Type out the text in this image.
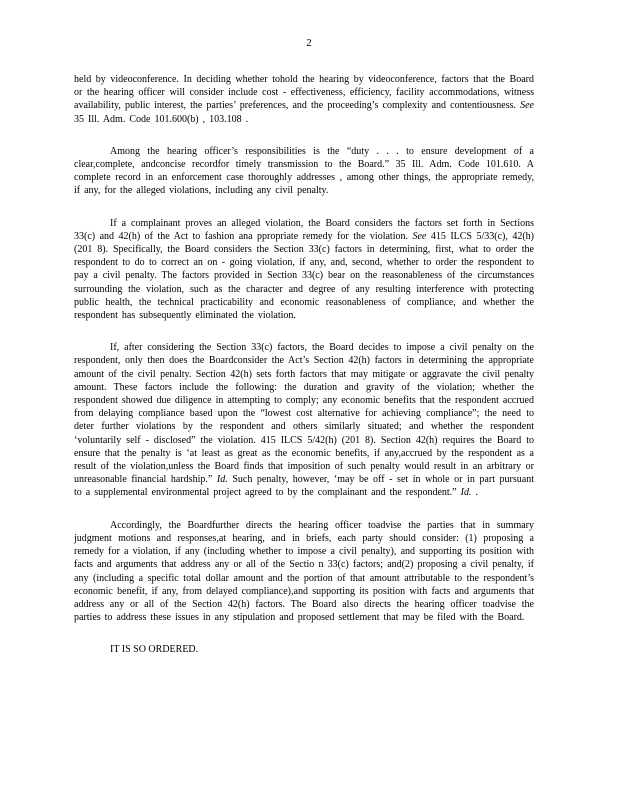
2

held by videoconference. In deciding whether tohold the hearing by videoconference, factors that the Board or the hearing officer will consider include cost - effectiveness, efficiency, facility accommodations, witness availability, public interest, the parties’ preferences, and the proceeding’s complexity and contentiousness. See 35 Ill. Adm. Code 101.600(b) , 103.108 .

Among the hearing officer’s responsibilities is the “duty . . . to ensure development of a clear,complete, andconcise recordfor timely transmission to the Board.” 35 Ill. Adm. Code 101.610. A complete record in an enforcement case thoroughly addresses , among other things, the appropriate remedy, if any, for the alleged violations, including any civil penalty.

If a complainant proves an alleged violation, the Board considers the factors set forth in Sections 33(c) and 42(h) of the Act to fashion ana ppropriate remedy for the violation. See 415 ILCS 5/33(c), 42(h) (201 8). Specifically, the Board considers the Section 33(c) factors in determining, first, what to order the respondent to do to correct an on - going violation, if any, and, second, whether to order the respondent to pay a civil penalty. The factors provided in Section 33(c) bear on the reasonableness of the circumstances surrounding the violation, such as the character and degree of any resulting interference with protecting public health, the technical practicability and economic reasonableness of compliance, and whether the respondent has subsequently eliminated the violation.

If, after considering the Section 33(c) factors, the Board decides to impose a civil penalty on the respondent, only then does the Boardconsider the Act’s Section 42(h) factors in determining the appropriate amount of the civil penalty. Section 42(h) sets forth factors that may mitigate or aggravate the civil penalty amount. These factors include the following: the duration and gravity of the violation; whether the respondent showed due diligence in attempting to comply; any economic benefits that the respondent accrued from delaying compliance based upon the “lowest cost alternative for achieving compliance”; the need to deter further violations by the respondent and others similarly situated; and whether the respondent ‘voluntarily self - disclosed” the violation. 415 ILCS 5/42(h) (201 8). Section 42(h) requires the Board to ensure that the penalty is ‘at least as great as the economic benefits, if any,accrued by the respondent as a result of the violation,unless the Board finds that imposition of such penalty would result in an arbitrary or unreasonable financial hardship.” Id. Such penalty, however, ‘may be off - set in whole or in part pursuant to a supplemental environmental project agreed to by the complainant and the respondent.” Id. .

Accordingly, the Boardfurther directs the hearing officer toadvise the parties that in summary judgment motions and responses,at hearing, and in briefs, each party should consider: (1) proposing a remedy for a violation, if any (including whether to impose a civil penalty), and supporting its position with facts and arguments that address any or all of the Sectio n 33(c) factors; and(2) proposing a civil penalty, if any (including a specific total dollar amount and the portion of that amount attributable to the respondent’s economic benefit, if any, from delayed compliance),and supporting its position with facts and arguments that address any or all of the Section 42(h) factors. The Board also directs the hearing officer toadvise the parties to address these issues in any stipulation and proposed settlement that may be filed with the Board.

IT IS SO ORDERED.
